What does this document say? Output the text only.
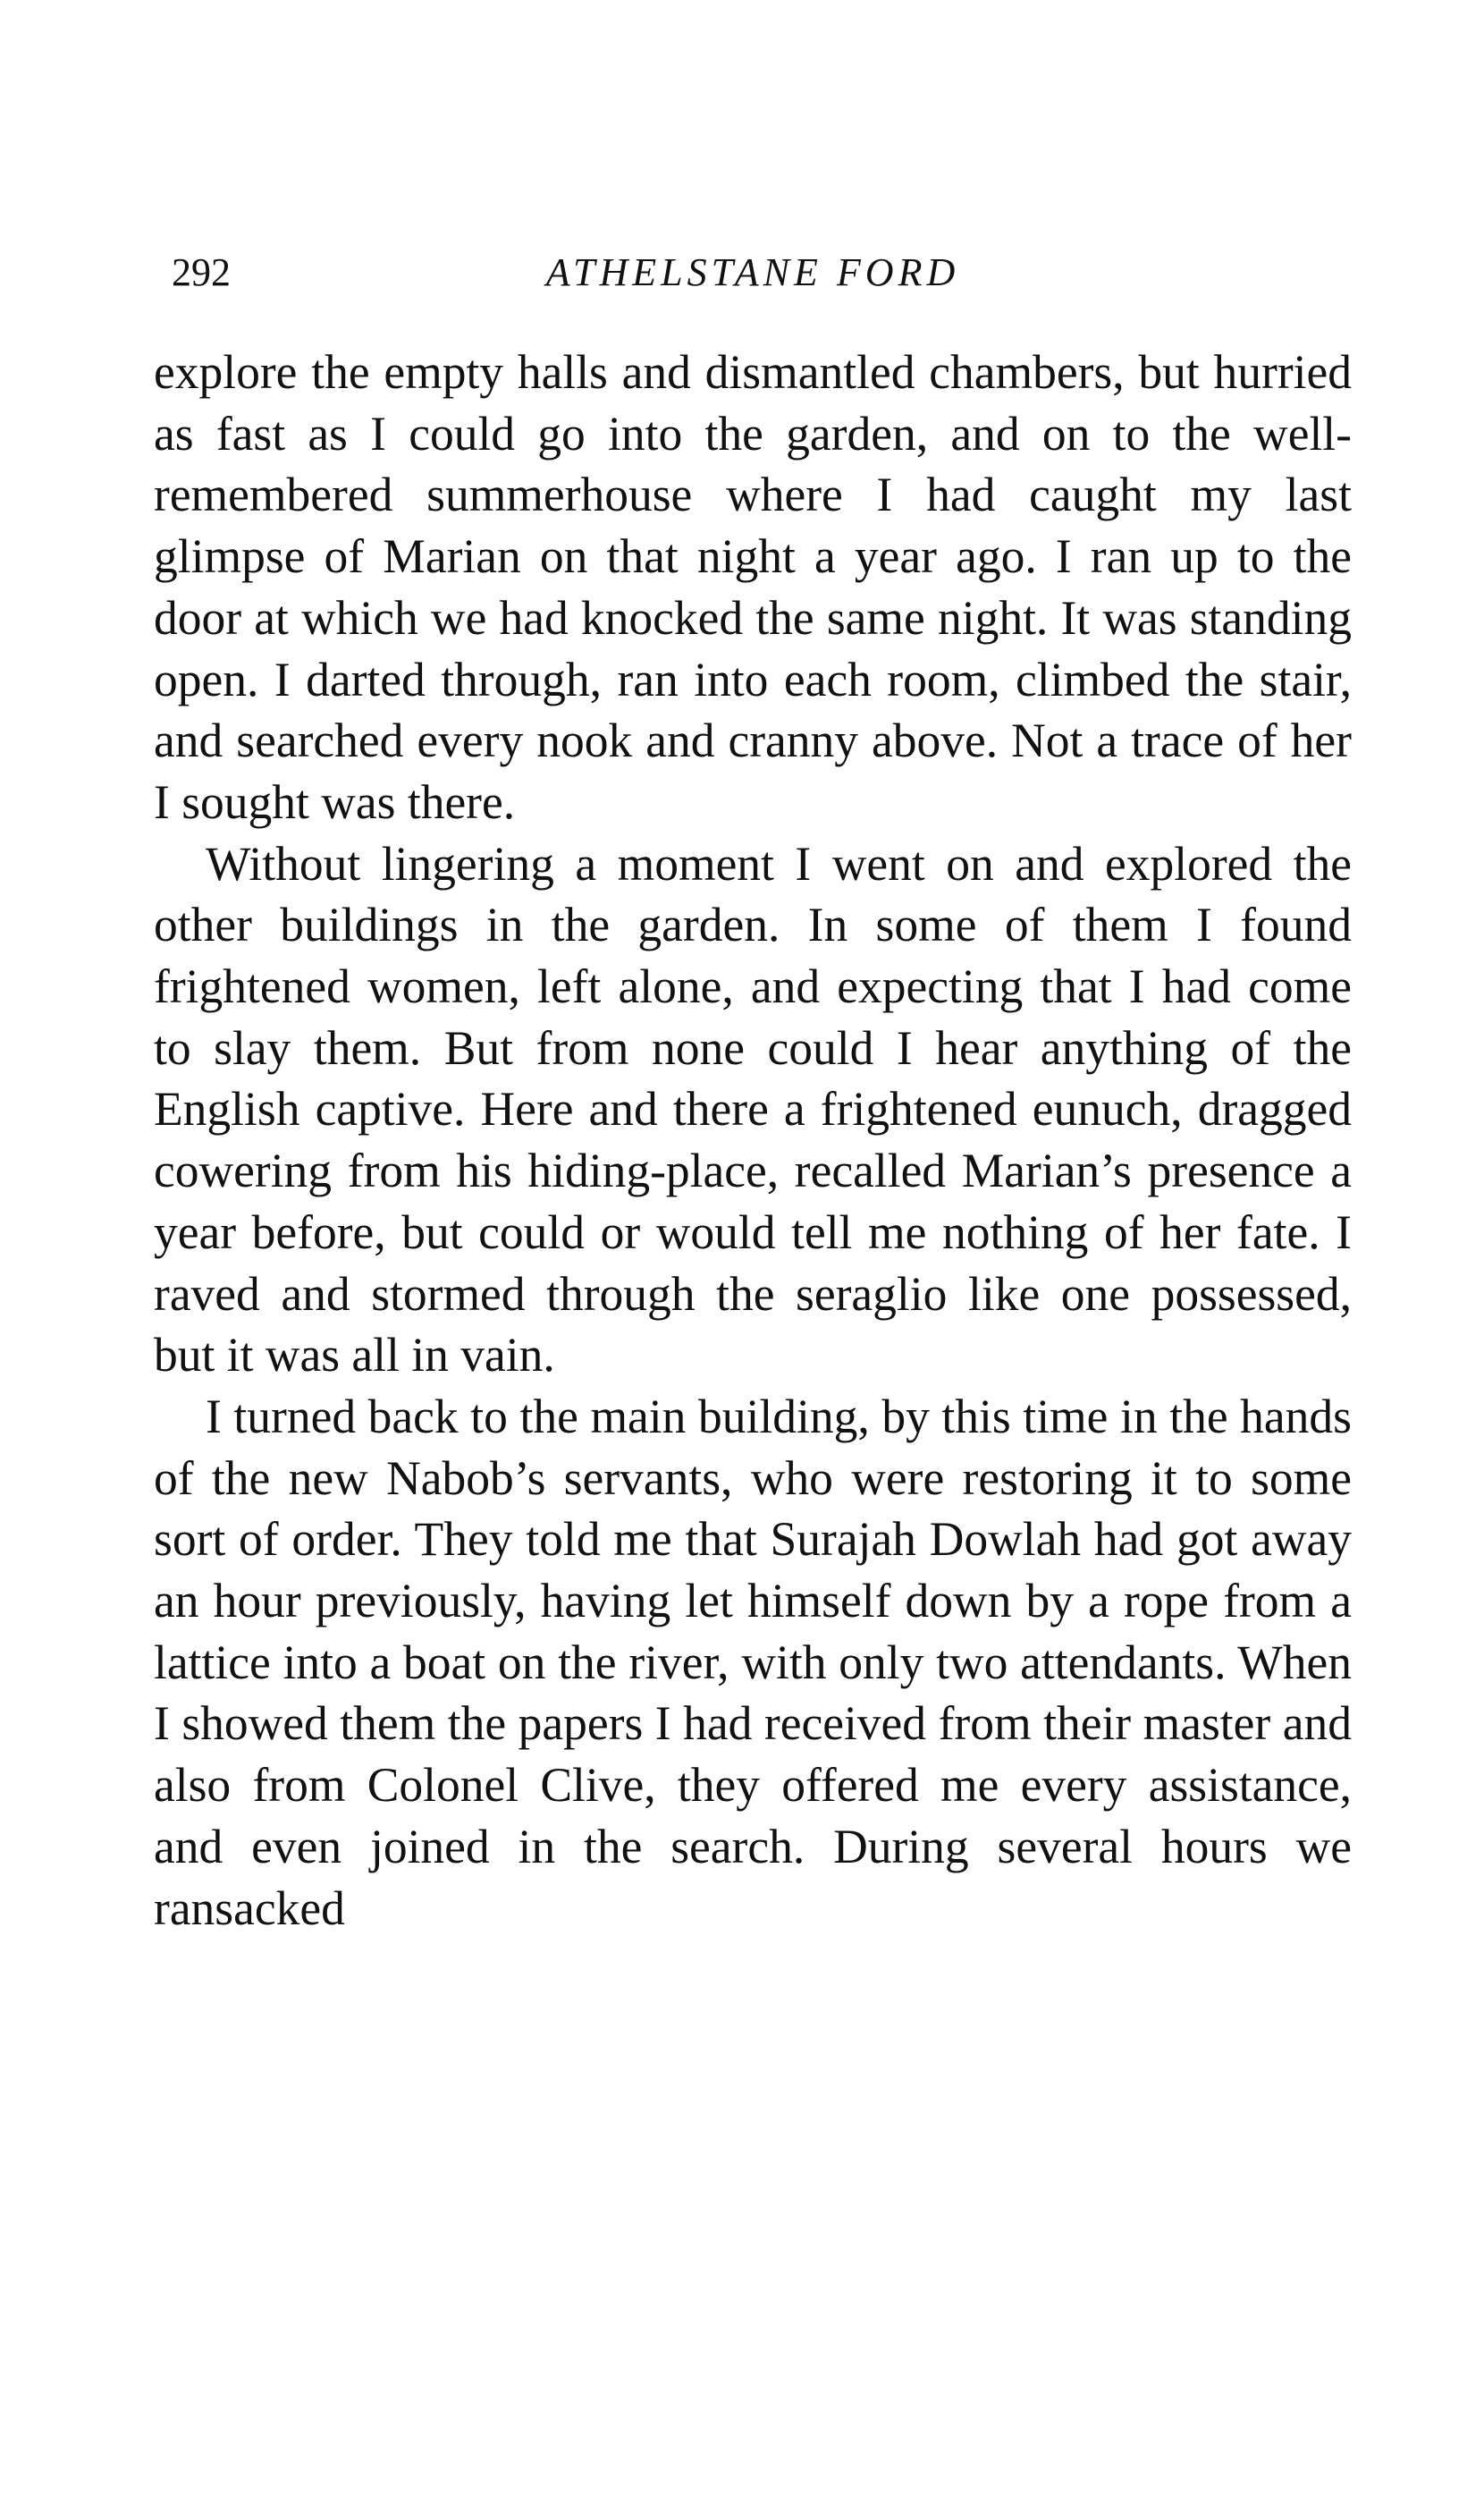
ATHELSTANE FORD
292

explore the empty halls and dismantled chambers, but hurried as fast as I could go into the garden, and on to the well-remembered summerhouse where I had caught my last glimpse of Marian on that night a year ago. I ran up to the door at which we had knocked the same night. It was standing open. I darted through, ran into each room, climbed the stair, and searched every nook and cranny above. Not a trace of her I sought was there.

Without lingering a moment I went on and explored the other buildings in the garden. In some of them I found frightened women, left alone, and expecting that I had come to slay them. But from none could I hear anything of the English captive. Here and there a frightened eunuch, dragged cowering from his hiding-place, recalled Marian’s presence a year before, but could or would tell me nothing of her fate. I raved and stormed through the seraglio like one possessed, but it was all in vain.

I turned back to the main building, by this time in the hands of the new Nabob’s servants, who were restoring it to some sort of order. They told me that Surajah Dowlah had got away an hour previously, having let himself down by a rope from a lattice into a boat on the river, with only two attendants. When I showed them the papers I had received from their master and also from Colonel Clive, they offered me every assistance, and even joined in the search. During several hours we ransacked
